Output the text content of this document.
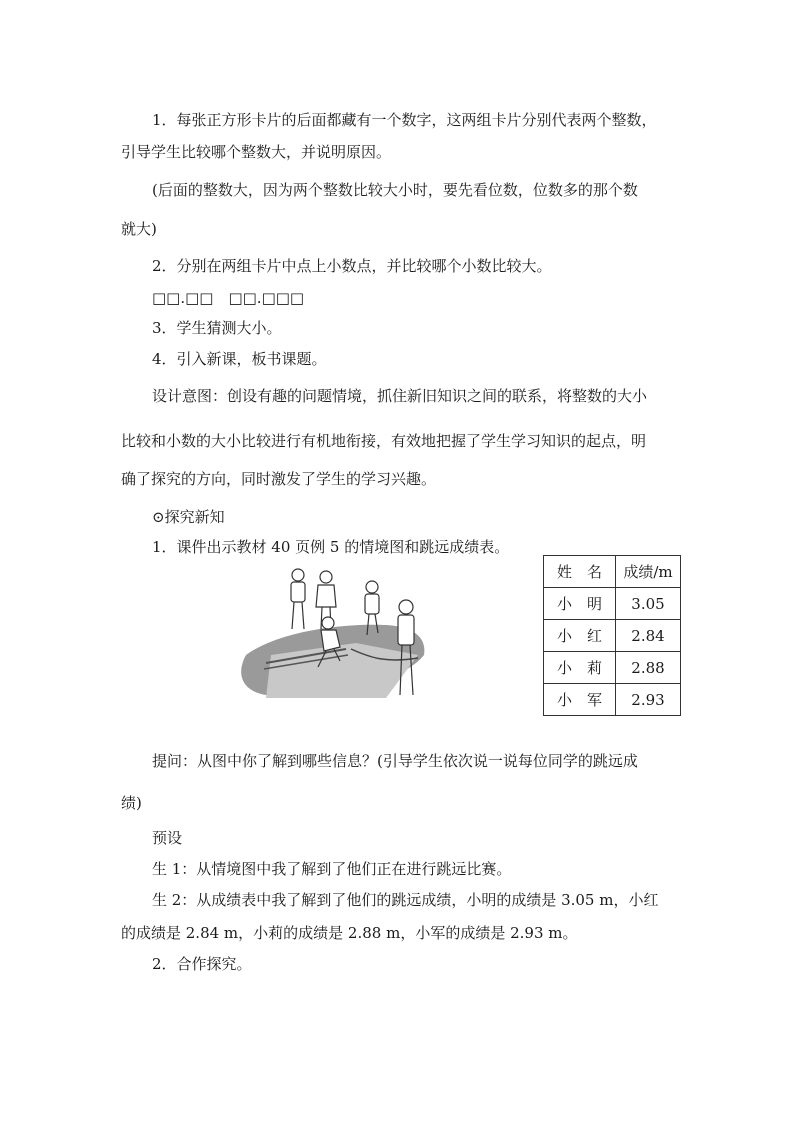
1．每张正方形卡片的后面都藏有一个数字，这两组卡片分别代表两个整数，
引导学生比较哪个整数大，并说明原因。
(后面的整数大，因为两个整数比较大小时，要先看位数，位数多的那个数
就大)
2．分别在两组卡片中点上小数点，并比较哪个小数比较大。
□□.□□　□□.□□□
3．学生猜测大小。
4．引入新课，板书课题。
设计意图：创设有趣的问题情境，抓住新旧知识之间的联系，将整数的大小
比较和小数的大小比较进行有机地衔接，有效地把握了学生学习知识的起点，明
确了探究的方向，同时激发了学生的学习兴趣。
⊙探究新知
1．课件出示教材 40 页例 5 的情境图和跳远成绩表。
姓　名	成绩/m
小　明	3.05
小　红	2.84
小　莉	2.88
小　军	2.93
提问：从图中你了解到哪些信息？(引导学生依次说一说每位同学的跳远成
绩)
预设
生 1：从情境图中我了解到了他们正在进行跳远比赛。
生 2：从成绩表中我了解到了他们的跳远成绩，小明的成绩是 3.05 m，小红
的成绩是 2.84 m，小莉的成绩是 2.88 m，小军的成绩是 2.93 m。
2．合作探究。
